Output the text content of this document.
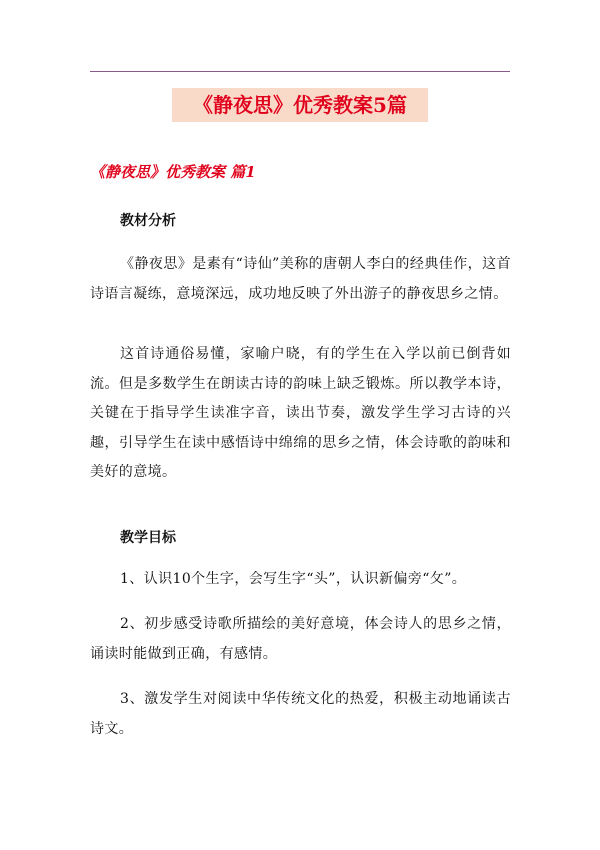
《静夜思》优秀教案5篇
《静夜思》优秀教案 篇1
教材分析
《静夜思》是素有“诗仙”美称的唐朝人李白的经典佳作，这首诗语言凝练，意境深远，成功地反映了外出游子的静夜思乡之情。
这首诗通俗易懂，家喻户晓，有的学生在入学以前已倒背如流。但是多数学生在朗读古诗的韵味上缺乏锻炼。所以教学本诗，关键在于指导学生读准字音，读出节奏，激发学生学习古诗的兴趣，引导学生在读中感悟诗中绵绵的思乡之情，体会诗歌的韵味和美好的意境。
教学目标
1、认识10个生字，会写生字“头”，认识新偏旁“攵”。
2、初步感受诗歌所描绘的美好意境，体会诗人的思乡之情，诵读时能做到正确，有感情。
3、激发学生对阅读中华传统文化的热爱，积极主动地诵读古诗文。
